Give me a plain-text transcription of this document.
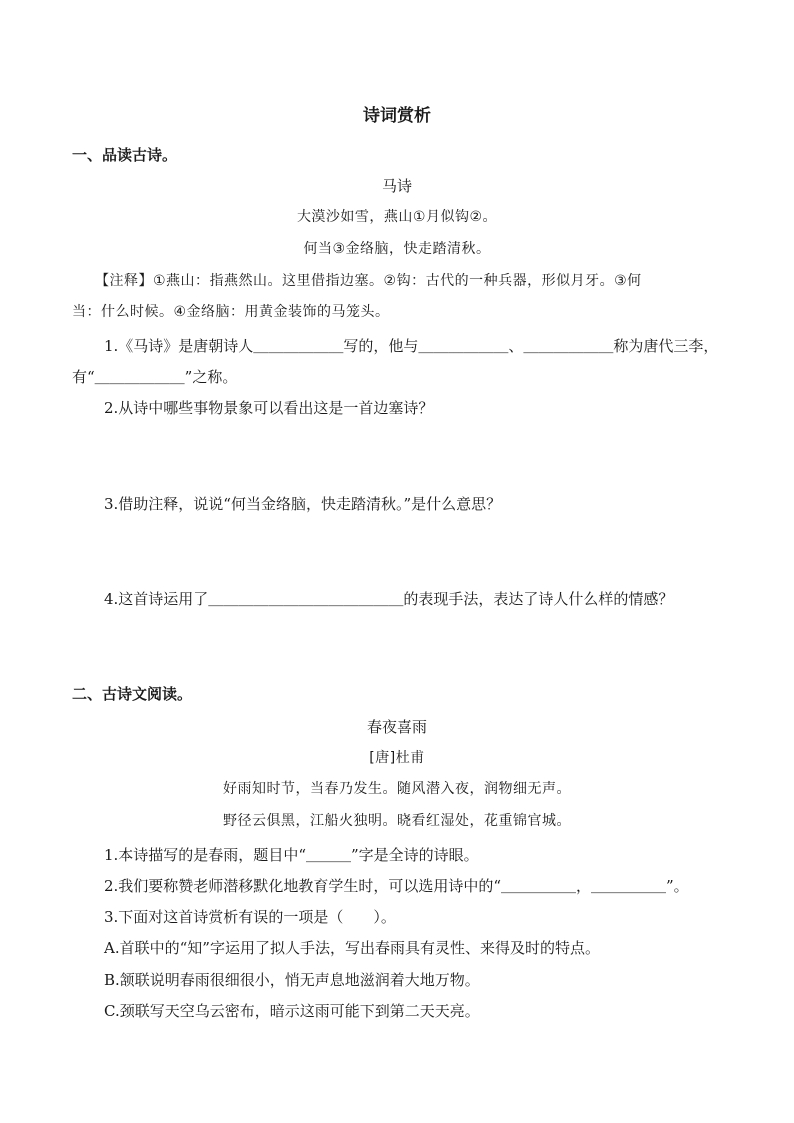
诗词赏析
一、品读古诗。
马诗
大漠沙如雪，燕山①月似钩②。
何当③金络脑，快走踏清秋。
【注释】①燕山：指燕然山。这里借指边塞。②钩：古代的一种兵器，形似月牙。③何
当：什么时候。④金络脑：用黄金装饰的马笼头。
1.《马诗》是唐朝诗人＿＿＿＿＿＿写的，他与＿＿＿＿＿＿、＿＿＿＿＿＿称为唐代三李，
有“＿＿＿＿＿＿”之称。
2.从诗中哪些事物景象可以看出这是一首边塞诗？
3.借助注释，说说“何当金络脑，快走踏清秋。”是什么意思？
4.这首诗运用了＿＿＿＿＿＿＿＿＿＿＿＿＿的表现手法，表达了诗人什么样的情感？
二、古诗文阅读。
春夜喜雨
[唐]杜甫
好雨知时节，当春乃发生。随风潜入夜，润物细无声。
野径云俱黑，江船火独明。晓看红湿处，花重锦官城。
1.本诗描写的是春雨，题目中“＿＿＿”字是全诗的诗眼。
2.我们要称赞老师潜移默化地教育学生时，可以选用诗中的“＿＿＿＿＿，＿＿＿＿＿”。
3.下面对这首诗赏析有误的一项是（　　）。
A.首联中的“知”字运用了拟人手法，写出春雨具有灵性、来得及时的特点。
B.颔联说明春雨很细很小，悄无声息地滋润着大地万物。
C.颈联写天空乌云密布，暗示这雨可能下到第二天天亮。
